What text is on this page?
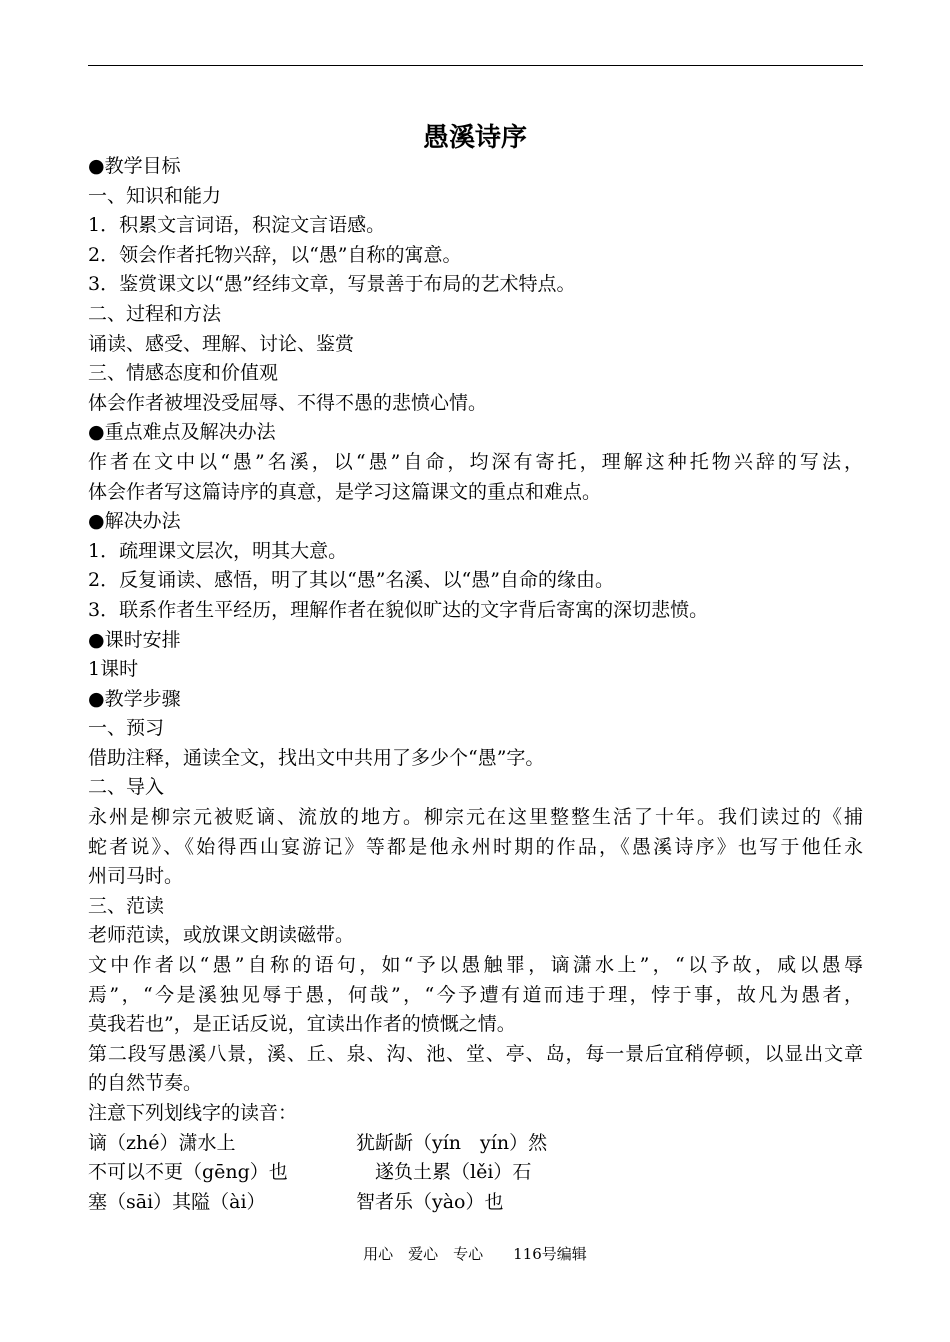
愚溪诗序
●教学目标
一、知识和能力
1．积累文言词语，积淀文言语感。
2．领会作者托物兴辞，以“愚”自称的寓意。
3．鉴赏课文以“愚”经纬文章，写景善于布局的艺术特点。
二、过程和方法
诵读、感受、理解、讨论、鉴赏
三、情感态度和价值观
体会作者被埋没受屈辱、不得不愚的悲愤心情。
●重点难点及解决办法
作者在文中以“愚”名溪，以“愚”自命，均深有寄托，理解这种托物兴辞的写法，
体会作者写这篇诗序的真意，是学习这篇课文的重点和难点。
●解决办法
1．疏理课文层次，明其大意。
2．反复诵读、感悟，明了其以“愚”名溪、以“愚”自命的缘由。
3．联系作者生平经历，理解作者在貌似旷达的文字背后寄寓的深切悲愤。
●课时安排
1课时
●教学步骤
一、预习
借助注释，通读全文，找出文中共用了多少个“愚”字。
二、导入
永州是柳宗元被贬谪、流放的地方。柳宗元在这里整整生活了十年。我们读过的《捕
蛇者说》、《始得西山宴游记》等都是他永州时期的作品，《愚溪诗序》也写于他任永
州司马时。
三、范读
老师范读，或放课文朗读磁带。
文中作者以“愚”自称的语句，如“予以愚触罪，谪潇水上”，“以予故，咸以愚辱
焉”，“今是溪独见辱于愚，何哉”，“今予遭有道而违于理，悖于事，故凡为愚者，
莫我若也”，是正话反说，宜读出作者的愤慨之情。
第二段写愚溪八景，溪、丘、泉、沟、池、堂、亭、岛，每一景后宜稍停顿，以显出文章
的自然节奏。
注意下列划线字的读音：
谪（zhé）潇水上	犹龂龂（yín　yín）然
不可以不更（gēng）也	　遂负土累（lěi）石
塞（sāi）其隘（ài）	智者乐（yào）也
用心　爱心　专心　　116号编辑
